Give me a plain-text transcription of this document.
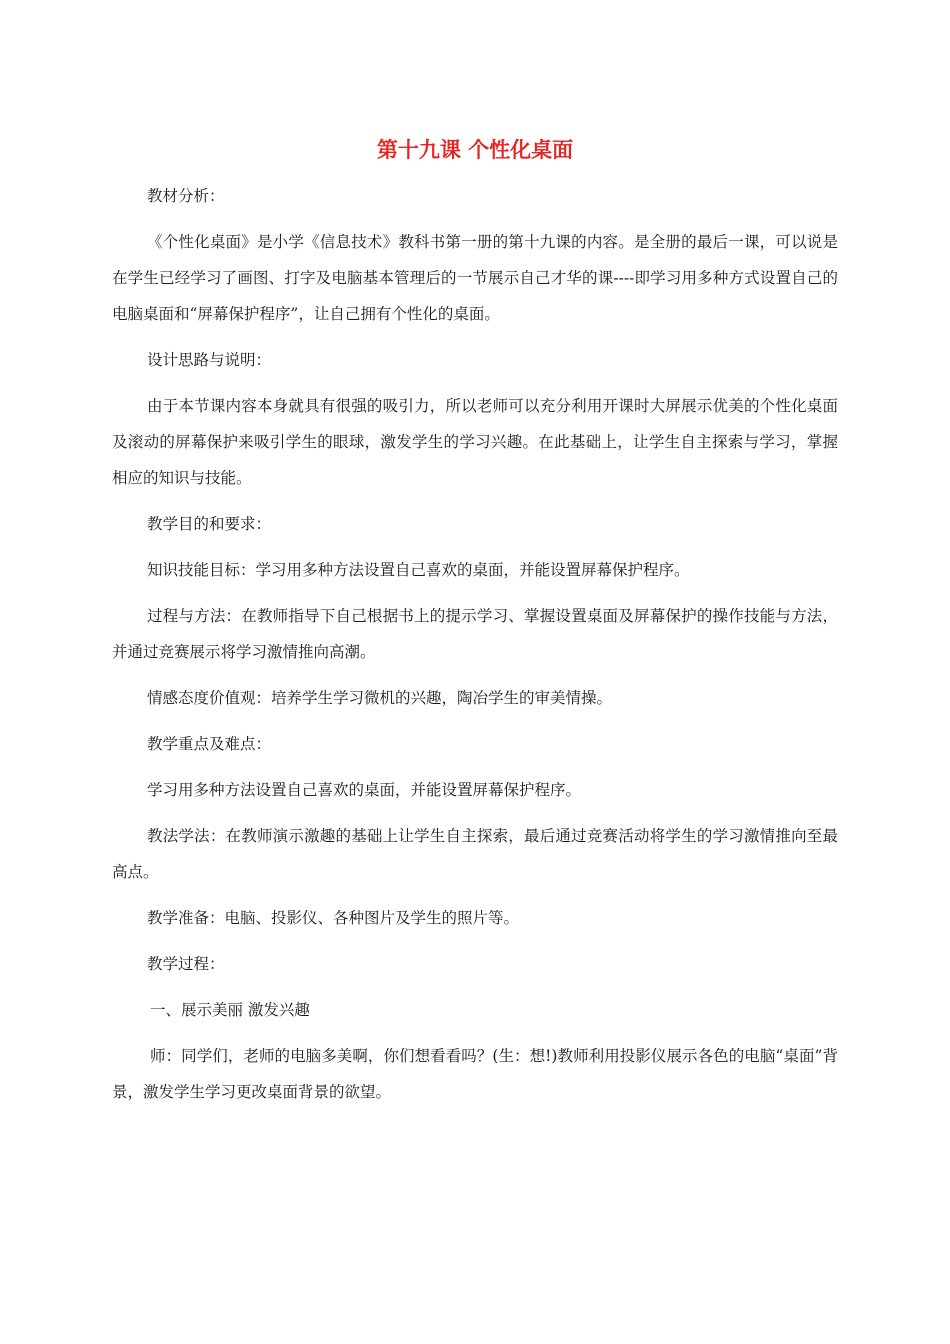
第十九课 个性化桌面
教材分析：
《个性化桌面》是小学《信息技术》教科书第一册的第十九课的内容。是全册的最后一课，可以说是在学生已经学习了画图、打字及电脑基本管理后的一节展示自己才华的课----即学习用多种方式设置自己的电脑桌面和“屏幕保护程序”，让自己拥有个性化的桌面。
设计思路与说明：
由于本节课内容本身就具有很强的吸引力，所以老师可以充分利用开课时大屏展示优美的个性化桌面及滚动的屏幕保护来吸引学生的眼球，激发学生的学习兴趣。在此基础上，让学生自主探索与学习，掌握相应的知识与技能。
教学目的和要求：
知识技能目标：学习用多种方法设置自己喜欢的桌面，并能设置屏幕保护程序。
过程与方法：在教师指导下自己根据书上的提示学习、掌握设置桌面及屏幕保护的操作技能与方法，并通过竞赛展示将学习激情推向高潮。
情感态度价值观：培养学生学习微机的兴趣，陶冶学生的审美情操。
教学重点及难点：
学习用多种方法设置自己喜欢的桌面，并能设置屏幕保护程序。
教法学法：在教师演示激趣的基础上让学生自主探索，最后通过竞赛活动将学生的学习激情推向至最高点。
教学准备：电脑、投影仪、各种图片及学生的照片等。
教学过程：
一、展示美丽 激发兴趣
师：同学们，老师的电脑多美啊，你们想看看吗？(生：想!)教师利用投影仪展示各色的电脑“桌面”背景，激发学生学习更改桌面背景的欲望。
